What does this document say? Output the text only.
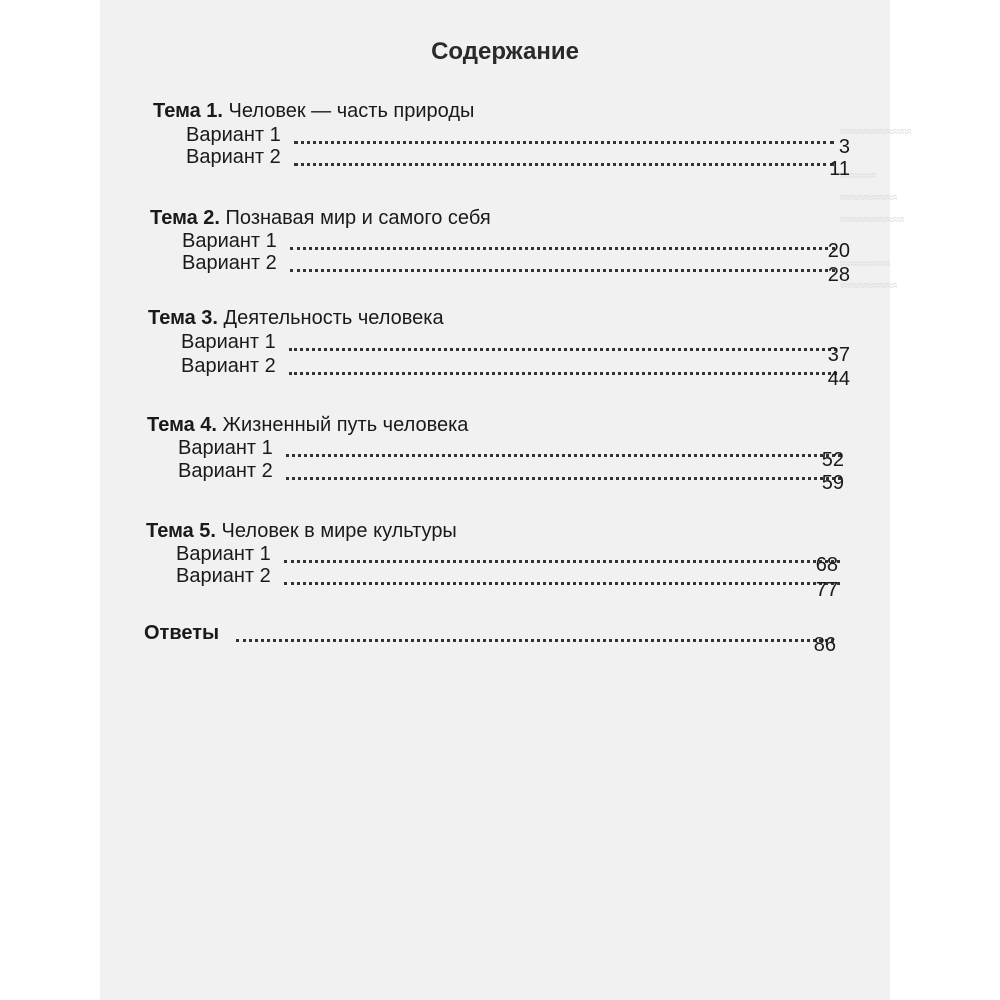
≈≈≈≈≈≈≈≈
≈≈≈≈≈≈≈

≈≈≈≈≈≈≈≈≈
≈≈≈≈≈≈≈≈
≈≈≈≈≈

≈≈≈≈≈≈≈≈≈≈
Содержание
Тема 1. Человек — часть природы
Вариант 1
3
Вариант 2
11
Тема 2. Познавая мир и самого себя
Вариант 1	20
Вариант 2
28
Тема 3. Деятельность человека
Вариант 1
37
Вариант 2
44
Тема 4. Жизненный путь человека
Вариант 1
52
Вариант 2
59
Тема 5. Человек в мире культуры
Вариант 1	68
Вариант 2
77
Ответы
86
